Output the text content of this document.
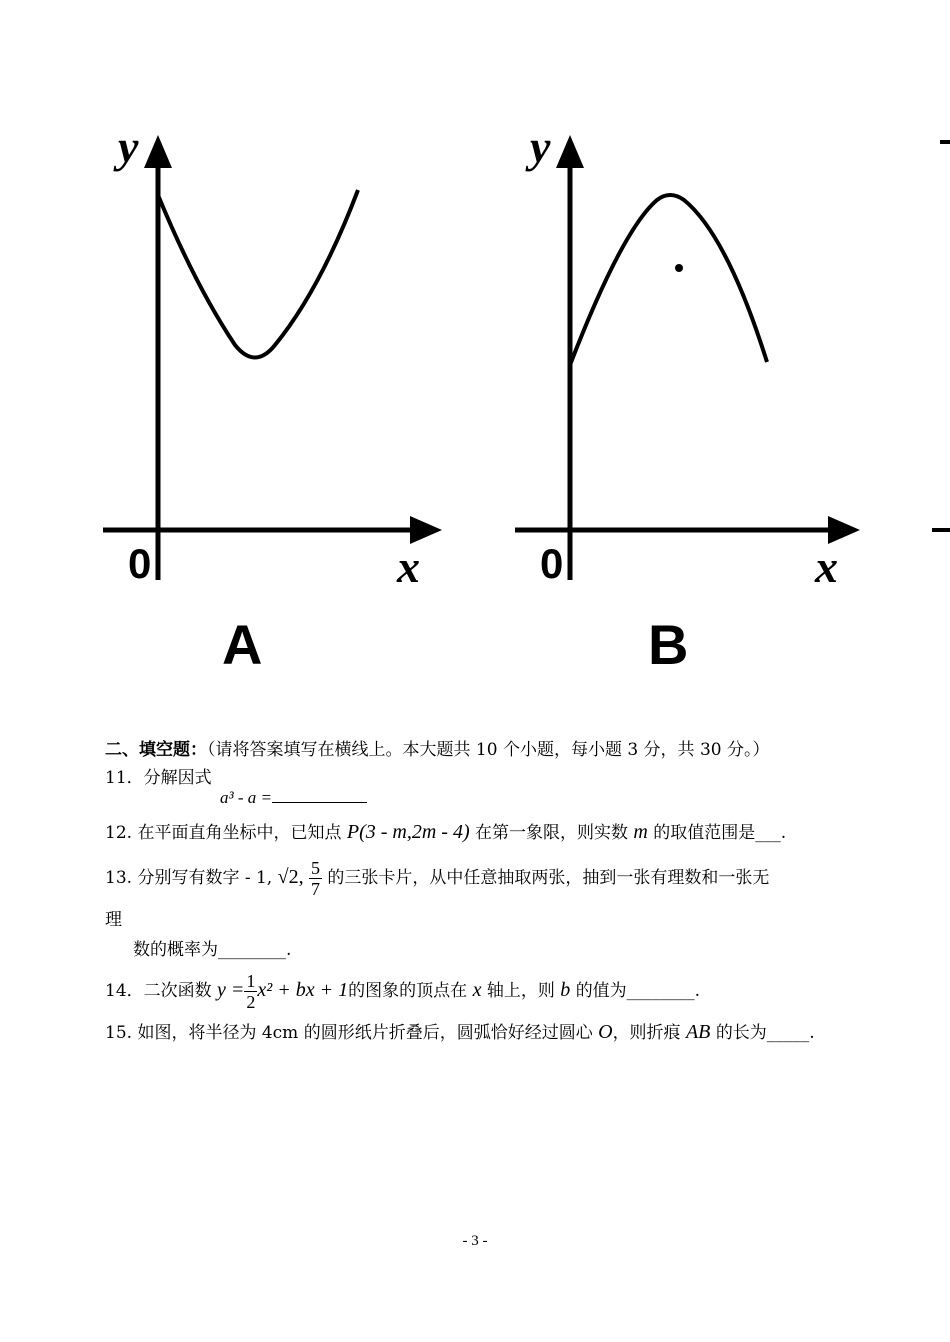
y
x
0
A
y
x
0
B
二、填空题：（请将答案填写在横线上。本大题共 10 个小题，每小题 3 分，共 30 分。）
11．分解因式
a³ - a =
12. 在平面直角坐标中，已知点 P(3 - m,2m - 4) 在第一象限，则实数 m 的取值范围是___.
13. 分别写有数字 - 1, √2, $\frac{5}{7}$ 的三张卡片，从中任意抽取两张，抽到一张有理数和一张无
理
数的概率为________.
14．二次函数 $y = \frac{1}{2} x^2$ + bx + 1的图象的顶点在 x 轴上，则 b 的值为________.
15. 如图，将半径为 4cm 的圆形纸片折叠后，圆弧恰好经过圆心 O，则折痕 AB 的长为_____.
- 3 -
